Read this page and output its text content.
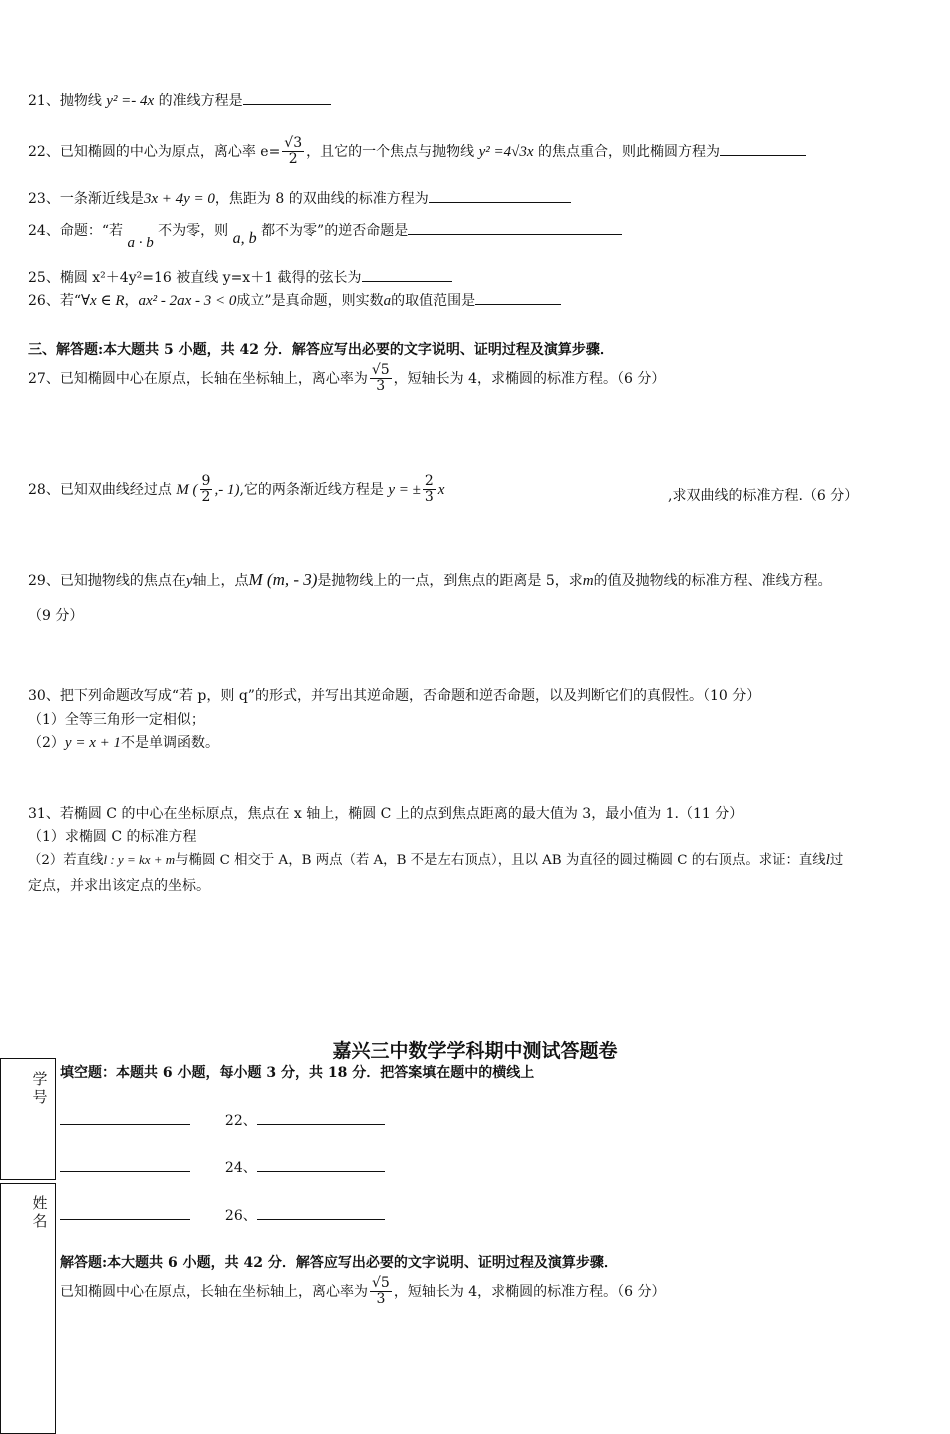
21、抛物线 y² =- 4x 的准线方程是
22、已知椭圆的中心为原点，离心率 $e= \frac{√3}{2}$ ，且它的一个焦点与抛物线 y² =4√3x 的焦点重合，则此椭圆方程为
23、一条渐近线是3x + 4y = 0，焦距为 8 的双曲线的标准方程为
24、命题：“若 a · b 不为零，则 a, b 都不为零”的逆否命题是
25、椭圆 x²＋4y²=16 被直线 y=x＋1 截得的弦长为
26、若“∀x ∈ R，ax² - 2ax - 3 < 0成立”是真命题，则实数a的取值范围是
三、解答题:本大题共 5 小题，共 42 分．解答应写出必要的文字说明、证明过程及演算步骤．
27、已知椭圆中心在原点，长轴在坐标轴上，离心率为 $\frac{√5}{3}$ ，短轴长为 4，求椭圆的标准方程。（6 分）
28、已知双曲线经过点 M ( $\frac{9}{2}$ ,- 1),它的两条渐近线方程是 y = ± $\frac{2}{3}$ x	,求双曲线的标准方程.（6 分）
29、已知抛物线的焦点在y轴上，点M (m, - 3)是抛物线上的一点，到焦点的距离是 5，求m的值及抛物线的标准方程、准线方程。
（9 分）
30、把下列命题改写成“若 p，则 q”的形式，并写出其逆命题，否命题和逆否命题，以及判断它们的真假性。（10 分）
（1）全等三角形一定相似；
（2）y = x + 1不是单调函数。
31、若椭圆 C 的中心在坐标原点，焦点在 x 轴上，椭圆 C 上的点到焦点距离的最大值为 3，最小值为 1.（11 分）
（1）求椭圆 C 的标准方程
（2）若直线l : y = kx + m与椭圆 C 相交于 A，B 两点（若 A，B 不是左右顶点），且以 AB 为直径的圆过椭圆 C 的右顶点。求证：直线l过
定点，并求出该定点的坐标。
嘉兴三中数学学科期中测试答题卷
学号
姓名
填空题：本题共 6 小题，每小题 3 分，共 18 分．把答案填在题中的横线上
22、
24、
26、
解答题:本大题共 6 小题，共 42 分．解答应写出必要的文字说明、证明过程及演算步骤．
已知椭圆中心在原点，长轴在坐标轴上，离心率为 $\frac{√5}{3}$ ，短轴长为 4，求椭圆的标准方程。（6 分）
